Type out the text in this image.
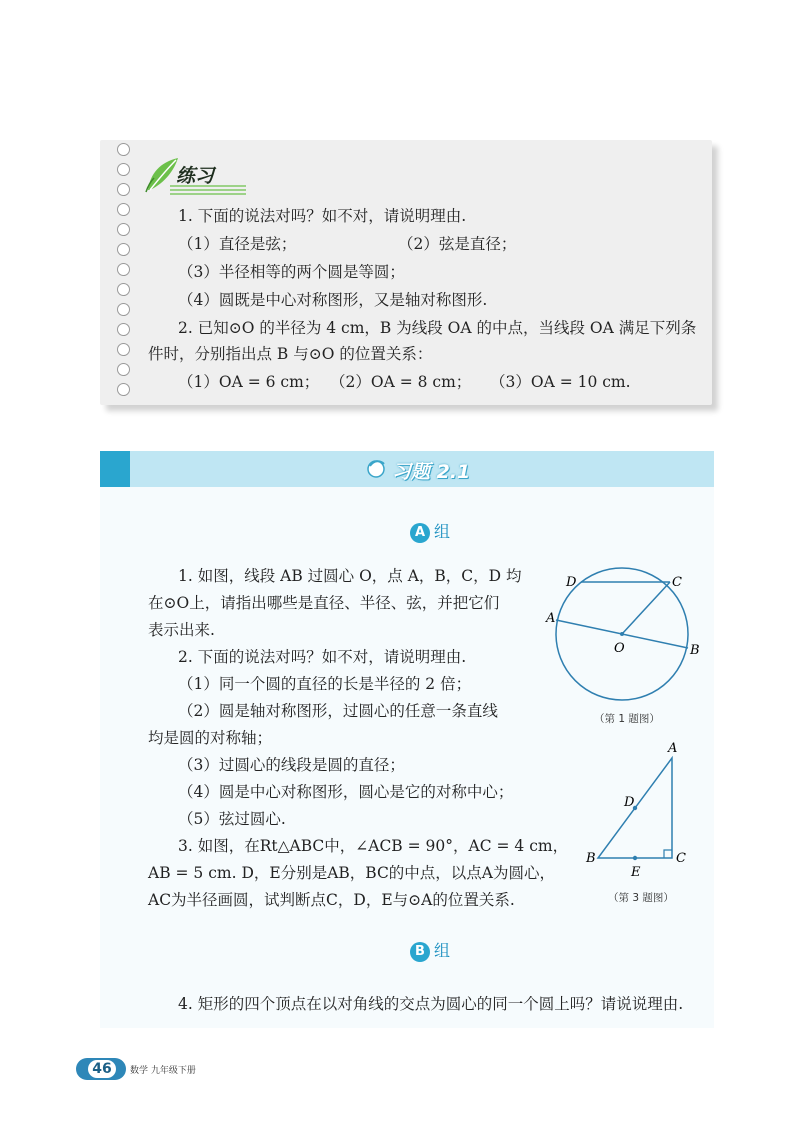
练习
1. 下面的说法对吗？如不对，请说明理由.
（1）直径是弦；	（2）弦是直径；
（3）半径相等的两个圆是等圆；
（4）圆既是中心对称图形，又是轴对称图形.
2. 已知⊙O 的半径为 4 cm，B 为线段 OA 的中点，当线段 OA 满足下列条
件时，分别指出点 B 与⊙O 的位置关系：
（1）OA = 6 cm； （2）OA = 8 cm； （3）OA = 10 cm.
习题 2.1
A 组
B 组
1. 如图，线段 AB 过圆心 O，点 A，B，C，D 均
在⊙O上，请指出哪些是直径、半径、弦，并把它们
表示出来.
2. 下面的说法对吗？如不对，请说明理由.
（1）同一个圆的直径的长是半径的 2 倍；
（2）圆是轴对称图形，过圆心的任意一条直线
均是圆的对称轴；
（3）过圆心的线段是圆的直径；
（4）圆是中心对称图形，圆心是它的对称中心；
（5）弦过圆心.
3. 如图，在Rt△ABC中，∠ACB = 90°，AC = 4 cm，
AB = 5 cm. D，E分别是AB，BC的中点，以点A为圆心，
AC为半径画圆，试判断点C，D，E与⊙A的位置关系.
4. 矩形的四个顶点在以对角线的交点为圆心的同一个圆上吗？请说说理由.
D	C
A
B
O
（第 1 题图）
A
B	C
D
E
（第 3 题图）
46	数学 九年级下册
